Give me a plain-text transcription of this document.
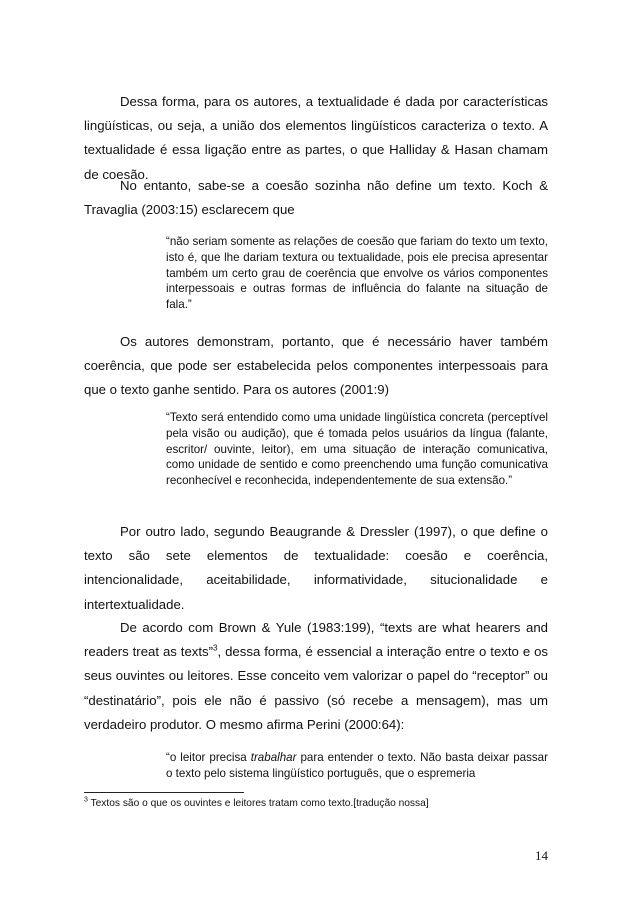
Dessa forma, para os autores, a textualidade é dada por características lingüísticas, ou seja, a união dos elementos lingüísticos caracteriza o texto. A textualidade é essa ligação entre as partes, o que Halliday & Hasan chamam de coesão.

No entanto, sabe-se a coesão sozinha não define um texto. Koch & Travaglia (2003:15) esclarecem que

“não seriam somente as relações de coesão que fariam do texto um texto, isto é, que lhe dariam textura ou textualidade, pois ele precisa apresentar também um certo grau de coerência que envolve os vários componentes interpessoais e outras formas de influência do falante na situação de fala.”

Os autores demonstram, portanto, que é necessário haver também coerência, que pode ser estabelecida pelos componentes interpessoais para que o texto ganhe sentido. Para os autores (2001:9)

“Texto será entendido como uma unidade lingüística concreta (perceptível pela visão ou audição), que é tomada pelos usuários da língua (falante, escritor/ ouvinte, leitor), em uma situação de interação comunicativa, como unidade de sentido e como preenchendo uma função comunicativa reconhecível e reconhecida, independentemente de sua extensão.”

Por outro lado, segundo Beaugrande & Dressler (1997), o que define o texto são sete elementos de textualidade: coesão e coerência, intencionalidade, aceitabilidade, informatividade, situcionalidade e intertextualidade.

De acordo com Brown & Yule (1983:199), “texts are what hearers and readers treat as texts”$^3$, dessa forma, é essencial a interação entre o texto e os seus ouvintes ou leitores. Esse conceito vem valorizar o papel do “receptor” ou “destinatário”, pois ele não é passivo (só recebe a mensagem), mas um verdadeiro produtor. O mesmo afirma Perini (2000:64):

“o leitor precisa trabalhar para entender o texto. Não basta deixar passar o texto pelo sistema lingüístico português, que o espremeria

$^3$ Textos são o que os ouvintes e leitores tratam como texto.[tradução nossa]

14
